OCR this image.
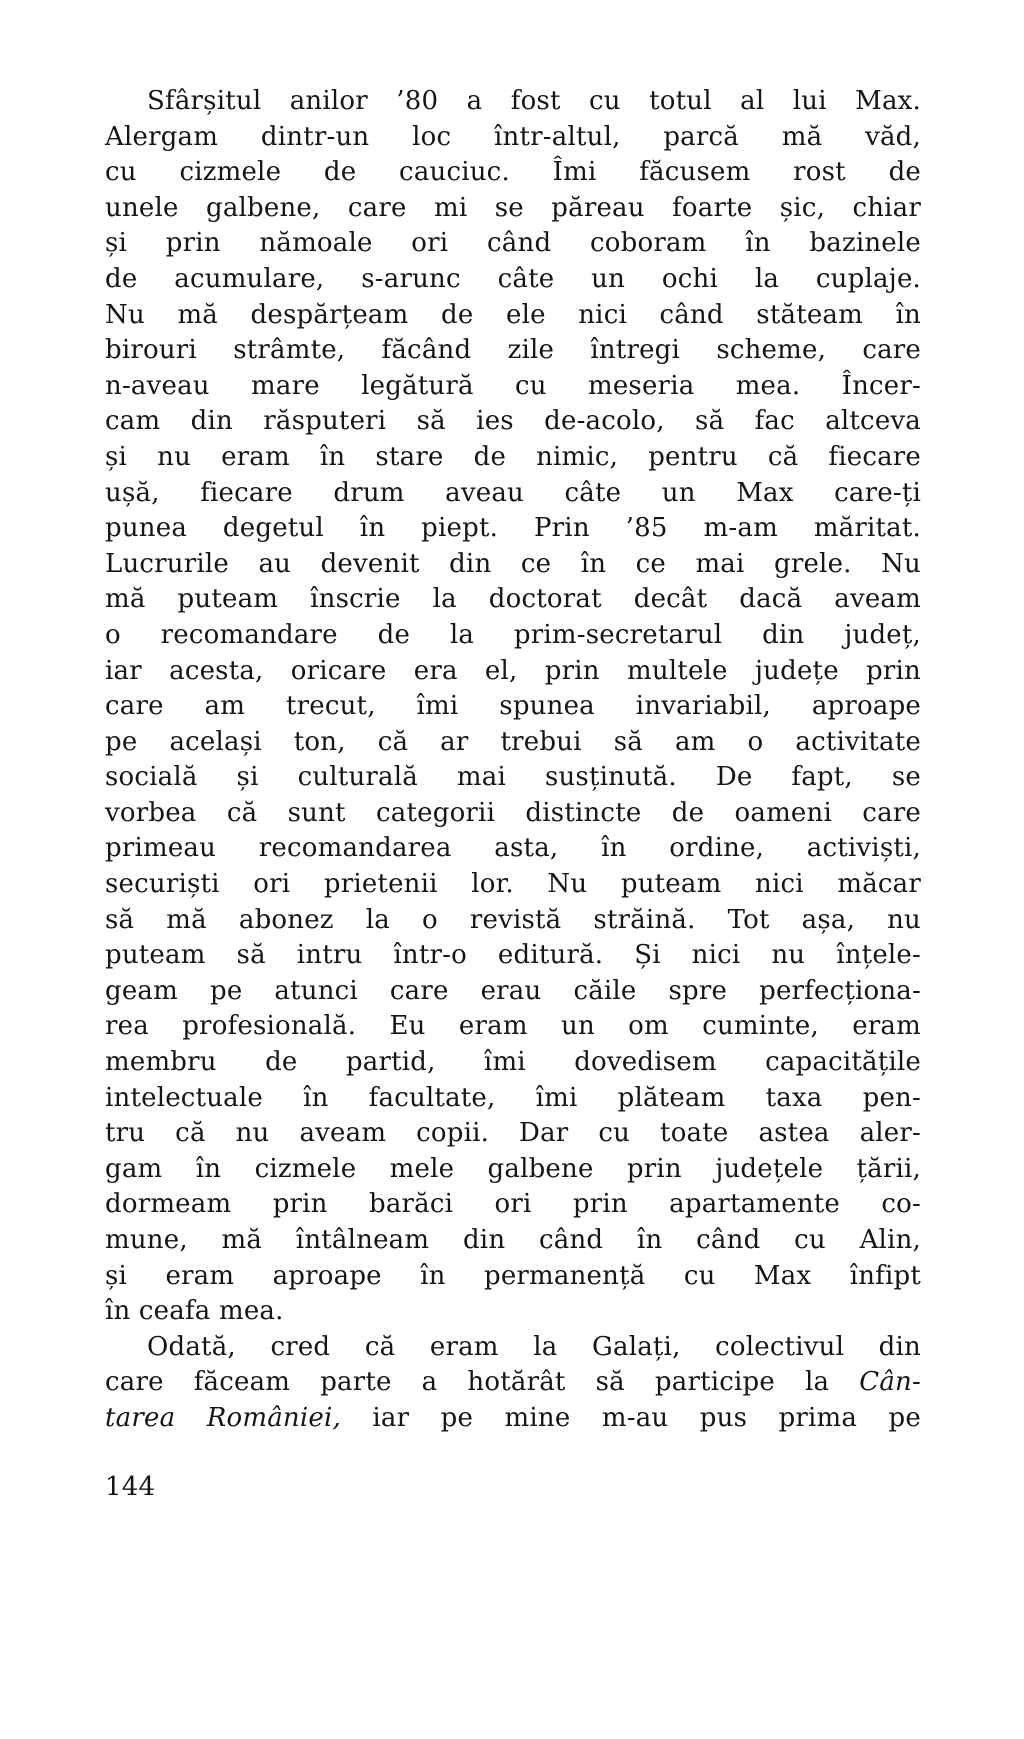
Sfârșitul anilor ’80 a fost cu totul al lui Max.
Alergam dintr-un loc într-altul, parcă mă văd,
cu cizmele de cauciuc. Îmi făcusem rost de
unele galbene, care mi se păreau foarte șic, chiar
și prin nămoale ori când coboram în bazinele
de acumulare, s-arunc câte un ochi la cuplaje.
Nu mă despărțeam de ele nici când stăteam în
birouri strâmte, făcând zile întregi scheme, care
n-aveau mare legătură cu meseria mea. Încer-
cam din răsputeri să ies de-acolo, să fac altceva
și nu eram în stare de nimic, pentru că fiecare
ușă, fiecare drum aveau câte un Max care-ți
punea degetul în piept. Prin ’85 m-am măritat.
Lucrurile au devenit din ce în ce mai grele. Nu
mă puteam înscrie la doctorat decât dacă aveam
o recomandare de la prim-secretarul din județ,
iar acesta, oricare era el, prin multele județe prin
care am trecut, îmi spunea invariabil, aproape
pe același ton, că ar trebui să am o activitate
socială și culturală mai susținută. De fapt, se
vorbea că sunt categorii distincte de oameni care
primeau recomandarea asta, în ordine, activiști,
securiști ori prietenii lor. Nu puteam nici măcar
să mă abonez la o revistă străină. Tot așa, nu
puteam să intru într-o editură. Și nici nu înțele-
geam pe atunci care erau căile spre perfecționa-
rea profesională. Eu eram un om cuminte, eram
membru de partid, îmi dovedisem capacitățile
intelectuale în facultate, îmi plăteam taxa pen-
tru că nu aveam copii. Dar cu toate astea aler-
gam în cizmele mele galbene prin județele țării,
dormeam prin barăci ori prin apartamente co-
mune, mă întâlneam din când în când cu Alin,
și eram aproape în permanență cu Max înfipt
în ceafa mea.
Odată, cred că eram la Galați, colectivul din
care făceam parte a hotărât să participe la Cân-
tarea României, iar pe mine m-au pus prima pe
144
